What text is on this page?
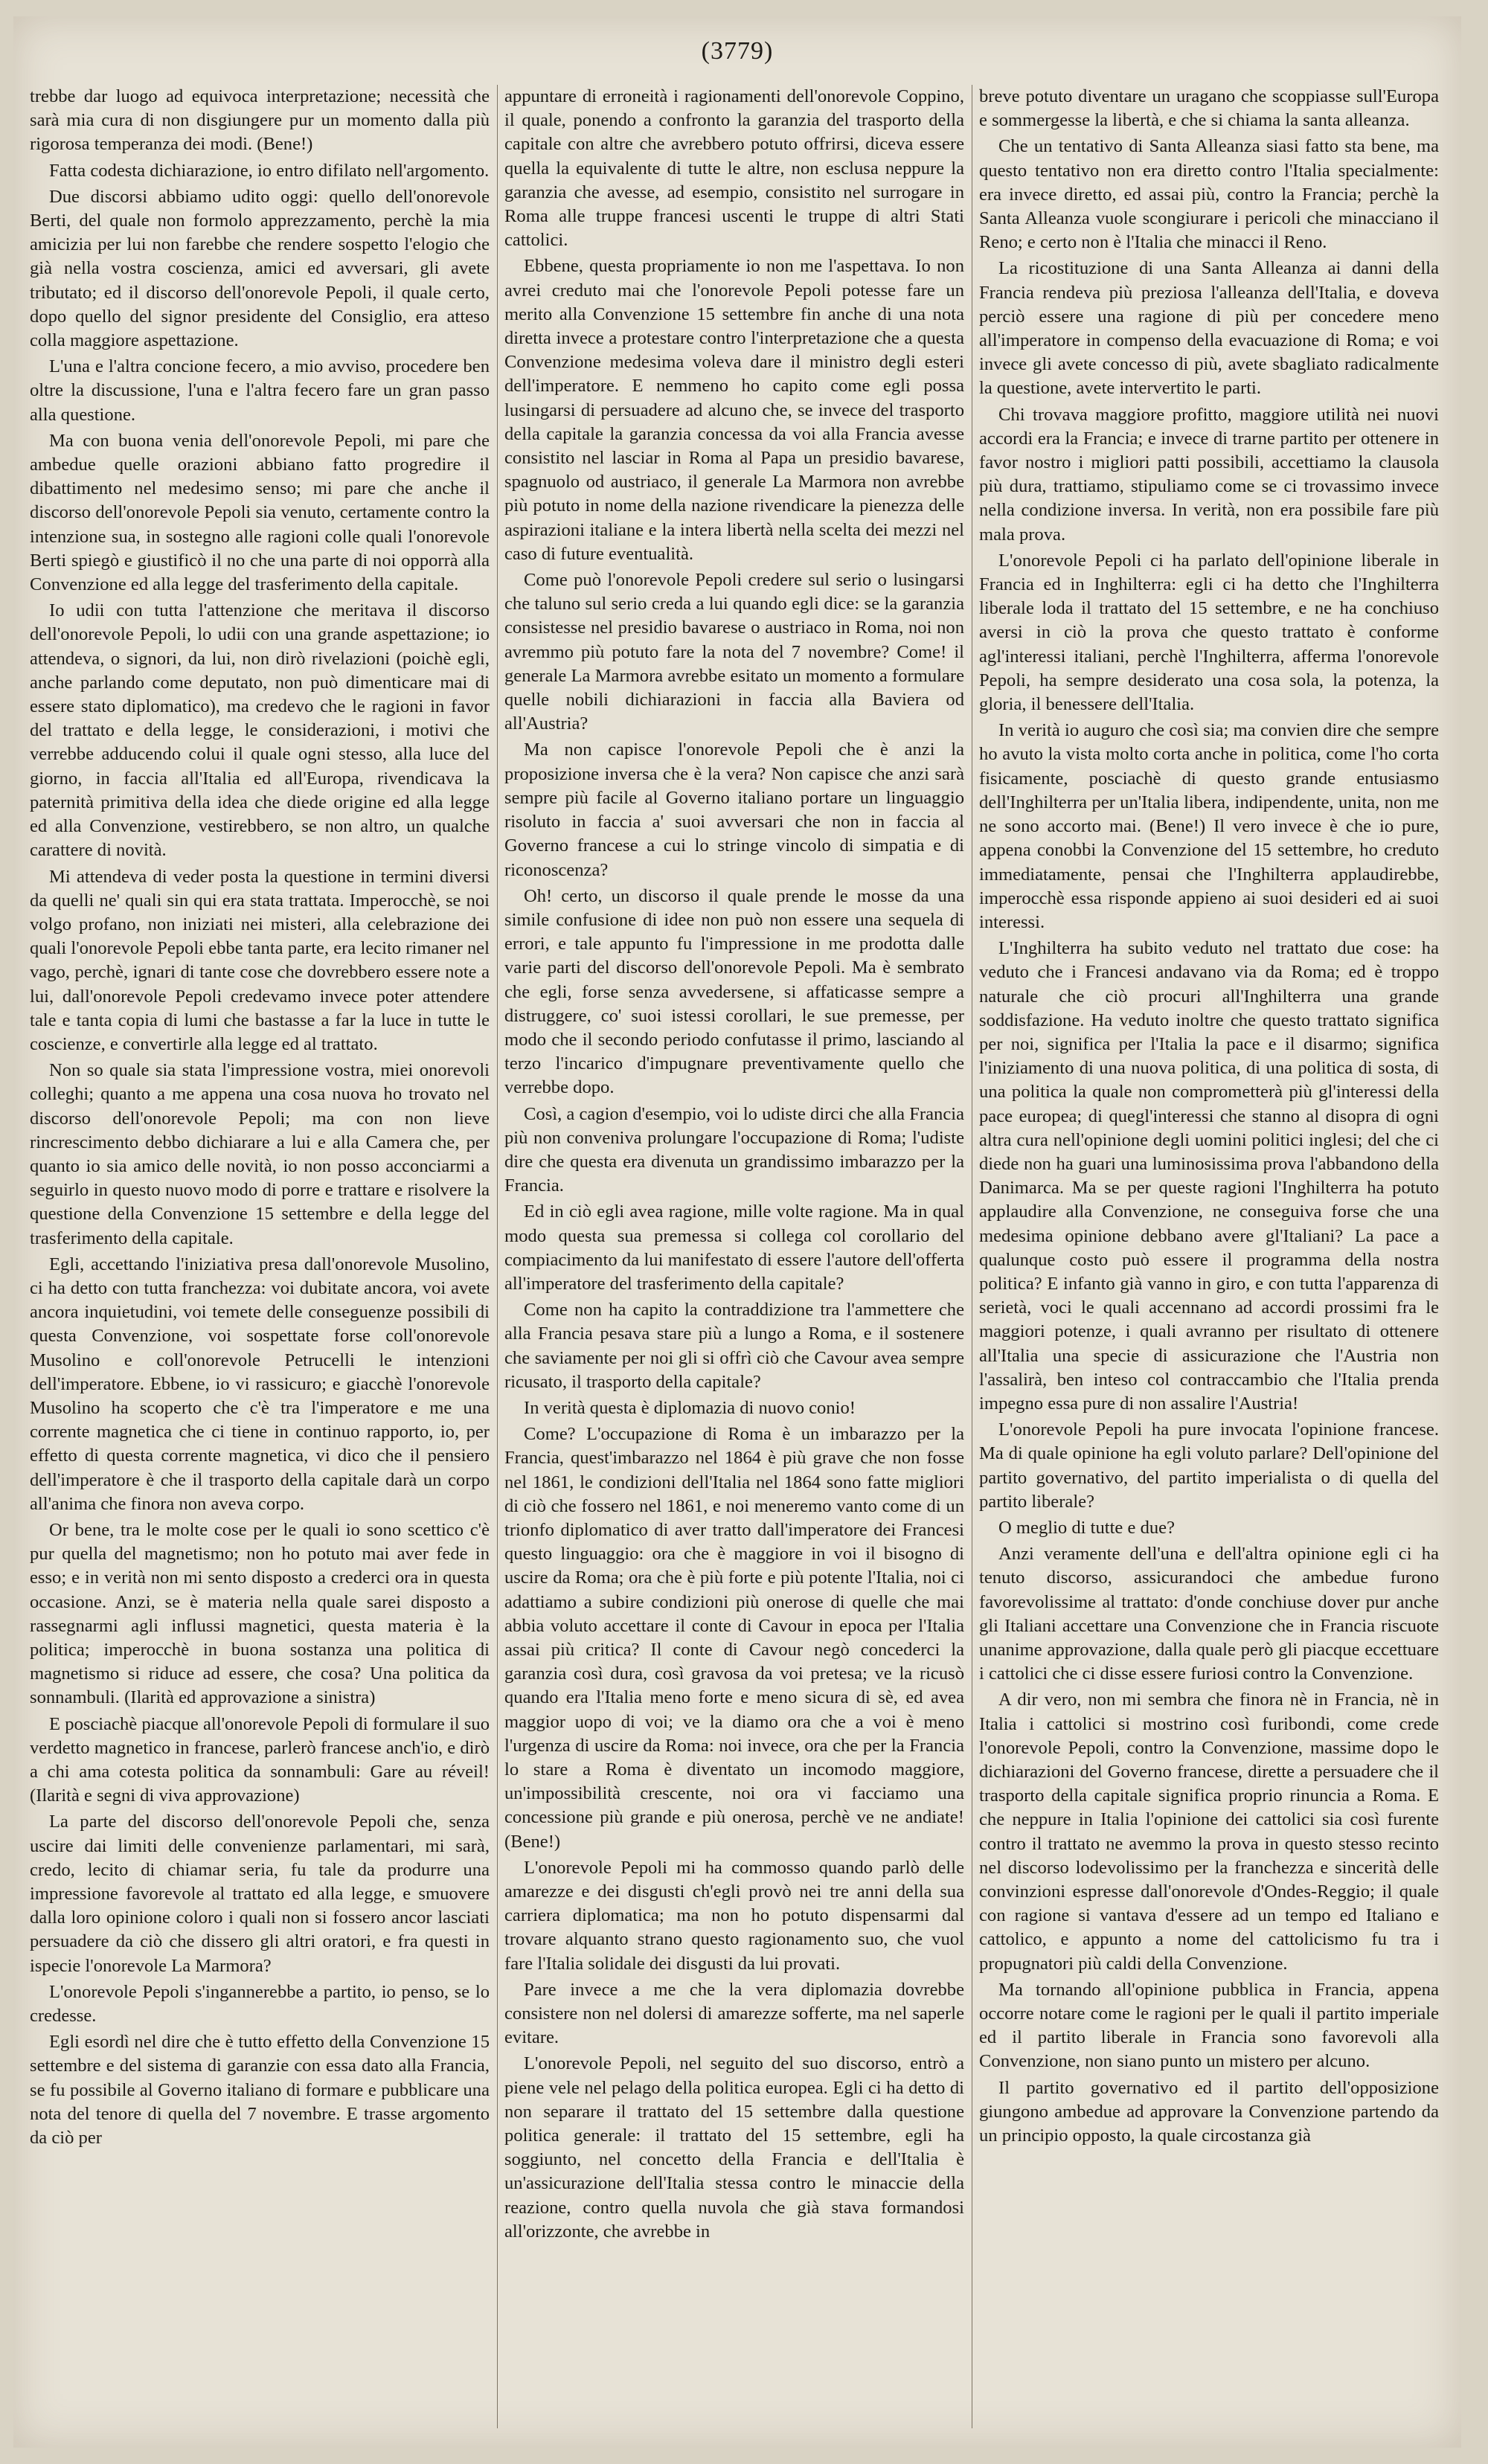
(3779)

trebbe dar luogo ad equivoca interpretazione; necessità che sarà mia cura di non disgiungere pur un momento dalla più rigorosa temperanza dei modi. (Bene!)

Fatta codesta dichiarazione, io entro difilato nell'argomento.

Due discorsi abbiamo udito oggi: quello dell'onorevole Berti, del quale non formolo apprezzamento, perchè la mia amicizia per lui non farebbe che rendere sospetto l'elogio che già nella vostra coscienza, amici ed avversari, gli avete tributato; ed il discorso dell'onorevole Pepoli, il quale certo, dopo quello del signor presidente del Consiglio, era atteso colla maggiore aspettazione.

L'una e l'altra concione fecero, a mio avviso, procedere ben oltre la discussione, l'una e l'altra fecero fare un gran passo alla questione.

Ma con buona venia dell'onorevole Pepoli, mi pare che ambedue quelle orazioni abbiano fatto progredire il dibattimento nel medesimo senso; mi pare che anche il discorso dell'onorevole Pepoli sia venuto, certamente contro la intenzione sua, in sostegno alle ragioni colle quali l'onorevole Berti spiegò e giustificò il no che una parte di noi opporrà alla Convenzione ed alla legge del trasferimento della capitale.

Io udii con tutta l'attenzione che meritava il discorso dell'onorevole Pepoli, lo udii con una grande aspettazione; io attendeva, o signori, da lui, non dirò rivelazioni (poichè egli, anche parlando come deputato, non può dimenticare mai di essere stato diplomatico), ma credevo che le ragioni in favor del trattato e della legge, le considerazioni, i motivi che verrebbe adducendo colui il quale ogni stesso, alla luce del giorno, in faccia all'Italia ed all'Europa, rivendicava la paternità primitiva della idea che diede origine ed alla legge ed alla Convenzione, vestirebbero, se non altro, un qualche carattere di novità.

Mi attendeva di veder posta la questione in termini diversi da quelli ne' quali sin qui era stata trattata. Imperocchè, se noi volgo profano, non iniziati nei misteri, alla celebrazione dei quali l'onorevole Pepoli ebbe tanta parte, era lecito rimaner nel vago, perchè, ignari di tante cose che dovrebbero essere note a lui, dall'onorevole Pepoli credevamo invece poter attendere tale e tanta copia di lumi che bastasse a far la luce in tutte le coscienze, e convertirle alla legge ed al trattato.

Non so quale sia stata l'impressione vostra, miei onorevoli colleghi; quanto a me appena una cosa nuova ho trovato nel discorso dell'onorevole Pepoli; ma con non lieve rincrescimento debbo dichiarare a lui e alla Camera che, per quanto io sia amico delle novità, io non posso acconciarmi a seguirlo in questo nuovo modo di porre e trattare e risolvere la questione della Convenzione 15 settembre e della legge del trasferimento della capitale.

Egli, accettando l'iniziativa presa dall'onorevole Musolino, ci ha detto con tutta franchezza: voi dubitate ancora, voi avete ancora inquietudini, voi temete delle conseguenze possibili di questa Convenzione, voi sospettate forse coll'onorevole Musolino e coll'onorevole Petrucelli le intenzioni dell'imperatore. Ebbene, io vi rassicuro; e giacchè l'onorevole Musolino ha scoperto che c'è tra l'imperatore e me una corrente magnetica che ci tiene in continuo rapporto, io, per effetto di questa corrente magnetica, vi dico che il pensiero dell'imperatore è che il trasporto della capitale darà un corpo all'anima che finora non aveva corpo.

Or bene, tra le molte cose per le quali io sono scettico c'è pur quella del magnetismo; non ho potuto mai aver fede in esso; e in verità non mi sento disposto a crederci ora in questa occasione. Anzi, se è materia nella quale sarei disposto a rassegnarmi agli influssi magnetici, questa materia è la politica; imperocchè in buona sostanza una politica di magnetismo si riduce ad essere, che cosa? Una politica da sonnambuli. (Ilarità ed approvazione a sinistra)

E posciachè piacque all'onorevole Pepoli di formulare il suo verdetto magnetico in francese, parlerò francese anch'io, e dirò a chi ama cotesta politica da sonnambuli: Gare au réveil! (Ilarità e segni di viva approvazione)

La parte del discorso dell'onorevole Pepoli che, senza uscire dai limiti delle convenienze parlamentari, mi sarà, credo, lecito di chiamar seria, fu tale da produrre una impressione favorevole al trattato ed alla legge, e smuovere dalla loro opinione coloro i quali non si fossero ancor lasciati persuadere da ciò che dissero gli altri oratori, e fra questi in ispecie l'onorevole La Marmora?

L'onorevole Pepoli s'ingannerebbe a partito, io penso, se lo credesse.

Egli esordì nel dire che è tutto effetto della Convenzione 15 settembre e del sistema di garanzie con essa dato alla Francia, se fu possibile al Governo italiano di formare e pubblicare una nota del tenore di quella del 7 novembre. E trasse argomento da ciò per

appuntare di erroneità i ragionamenti dell'onorevole Coppino, il quale, ponendo a confronto la garanzia del trasporto della capitale con altre che avrebbero potuto offrirsi, diceva essere quella la equivalente di tutte le altre, non esclusa neppure la garanzia che avesse, ad esempio, consistito nel surrogare in Roma alle truppe francesi uscenti le truppe di altri Stati cattolici.

Ebbene, questa propriamente io non me l'aspettava. Io non avrei creduto mai che l'onorevole Pepoli potesse fare un merito alla Convenzione 15 settembre fin anche di una nota diretta invece a protestare contro l'interpretazione che a questa Convenzione medesima voleva dare il ministro degli esteri dell'imperatore. E nemmeno ho capito come egli possa lusingarsi di persuadere ad alcuno che, se invece del trasporto della capitale la garanzia concessa da voi alla Francia avesse consistito nel lasciar in Roma al Papa un presidio bavarese, spagnuolo od austriaco, il generale La Marmora non avrebbe più potuto in nome della nazione rivendicare la pienezza delle aspirazioni italiane e la intera libertà nella scelta dei mezzi nel caso di future eventualità.

Come può l'onorevole Pepoli credere sul serio o lusingarsi che taluno sul serio creda a lui quando egli dice: se la garanzia consistesse nel presidio bavarese o austriaco in Roma, noi non avremmo più potuto fare la nota del 7 novembre? Come! il generale La Marmora avrebbe esitato un momento a formulare quelle nobili dichiarazioni in faccia alla Baviera od all'Austria?

Ma non capisce l'onorevole Pepoli che è anzi la proposizione inversa che è la vera? Non capisce che anzi sarà sempre più facile al Governo italiano portare un linguaggio risoluto in faccia a' suoi avversari che non in faccia al Governo francese a cui lo stringe vincolo di simpatia e di riconoscenza?

Oh! certo, un discorso il quale prende le mosse da una simile confusione di idee non può non essere una sequela di errori, e tale appunto fu l'impressione in me prodotta dalle varie parti del discorso dell'onorevole Pepoli. Ma è sembrato che egli, forse senza avvedersene, si affaticasse sempre a distruggere, co' suoi istessi corollari, le sue premesse, per modo che il secondo periodo confutasse il primo, lasciando al terzo l'incarico d'impugnare preventivamente quello che verrebbe dopo.

Così, a cagion d'esempio, voi lo udiste dirci che alla Francia più non conveniva prolungare l'occupazione di Roma; l'udiste dire che questa era divenuta un grandissimo imbarazzo per la Francia.

Ed in ciò egli avea ragione, mille volte ragione. Ma in qual modo questa sua premessa si collega col corollario del compiacimento da lui manifestato di essere l'autore dell'offerta all'imperatore del trasferimento della capitale?

Come non ha capito la contraddizione tra l'ammettere che alla Francia pesava stare più a lungo a Roma, e il sostenere che saviamente per noi gli si offrì ciò che Cavour avea sempre ricusato, il trasporto della capitale?

In verità questa è diplomazia di nuovo conio!

Come? L'occupazione di Roma è un imbarazzo per la Francia, quest'imbarazzo nel 1864 è più grave che non fosse nel 1861, le condizioni dell'Italia nel 1864 sono fatte migliori di ciò che fossero nel 1861, e noi meneremo vanto come di un trionfo diplomatico di aver tratto dall'imperatore dei Francesi questo linguaggio: ora che è maggiore in voi il bisogno di uscire da Roma; ora che è più forte e più potente l'Italia, noi ci adattiamo a subire condizioni più onerose di quelle che mai abbia voluto accettare il conte di Cavour in epoca per l'Italia assai più critica? Il conte di Cavour negò concederci la garanzia così dura, così gravosa da voi pretesa; ve la ricusò quando era l'Italia meno forte e meno sicura di sè, ed avea maggior uopo di voi; ve la diamo ora che a voi è meno l'urgenza di uscire da Roma: noi invece, ora che per la Francia lo stare a Roma è diventato un incomodo maggiore, un'impossibilità crescente, noi ora vi facciamo una concessione più grande e più onerosa, perchè ve ne andiate! (Bene!)

L'onorevole Pepoli mi ha commosso quando parlò delle amarezze e dei disgusti ch'egli provò nei tre anni della sua carriera diplomatica; ma non ho potuto dispensarmi dal trovare alquanto strano questo ragionamento suo, che vuol fare l'Italia solidale dei disgusti da lui provati.

Pare invece a me che la vera diplomazia dovrebbe consistere non nel dolersi di amarezze sofferte, ma nel saperle evitare.

L'onorevole Pepoli, nel seguito del suo discorso, entrò a piene vele nel pelago della politica europea. Egli ci ha detto di non separare il trattato del 15 settembre dalla questione politica generale: il trattato del 15 settembre, egli ha soggiunto, nel concetto della Francia e dell'Italia è un'assicurazione dell'Italia stessa contro le minaccie della reazione, contro quella nuvola che già stava formandosi all'orizzonte, che avrebbe in

breve potuto diventare un uragano che scoppiasse sull'Europa e sommergesse la libertà, e che si chiama la santa alleanza.

Che un tentativo di Santa Alleanza siasi fatto sta bene, ma questo tentativo non era diretto contro l'Italia specialmente: era invece diretto, ed assai più, contro la Francia; perchè la Santa Alleanza vuole scongiurare i pericoli che minacciano il Reno; e certo non è l'Italia che minacci il Reno.

La ricostituzione di una Santa Alleanza ai danni della Francia rendeva più preziosa l'alleanza dell'Italia, e doveva perciò essere una ragione di più per concedere meno all'imperatore in compenso della evacuazione di Roma; e voi invece gli avete concesso di più, avete sbagliato radicalmente la questione, avete intervertito le parti.

Chi trovava maggiore profitto, maggiore utilità nei nuovi accordi era la Francia; e invece di trarne partito per ottenere in favor nostro i migliori patti possibili, accettiamo la clausola più dura, trattiamo, stipuliamo come se ci trovassimo invece nella condizione inversa. In verità, non era possibile fare più mala prova.

L'onorevole Pepoli ci ha parlato dell'opinione liberale in Francia ed in Inghilterra: egli ci ha detto che l'Inghilterra liberale loda il trattato del 15 settembre, e ne ha conchiuso aversi in ciò la prova che questo trattato è conforme agl'interessi italiani, perchè l'Inghilterra, afferma l'onorevole Pepoli, ha sempre desiderato una cosa sola, la potenza, la gloria, il benessere dell'Italia.

In verità io auguro che così sia; ma convien dire che sempre ho avuto la vista molto corta anche in politica, come l'ho corta fisicamente, posciachè di questo grande entusiasmo dell'Inghilterra per un'Italia libera, indipendente, unita, non me ne sono accorto mai. (Bene!) Il vero invece è che io pure, appena conobbi la Convenzione del 15 settembre, ho creduto immediatamente, pensai che l'Inghilterra applaudirebbe, imperocchè essa risponde appieno ai suoi desideri ed ai suoi interessi.

L'Inghilterra ha subito veduto nel trattato due cose: ha veduto che i Francesi andavano via da Roma; ed è troppo naturale che ciò procuri all'Inghilterra una grande soddisfazione. Ha veduto inoltre che questo trattato significa per noi, significa per l'Italia la pace e il disarmo; significa l'iniziamento di una nuova politica, di una politica di sosta, di una politica la quale non comprometterà più gl'interessi della pace europea; di quegl'interessi che stanno al disopra di ogni altra cura nell'opinione degli uomini politici inglesi; del che ci diede non ha guari una luminosissima prova l'abbandono della Danimarca. Ma se per queste ragioni l'Inghilterra ha potuto applaudire alla Convenzione, ne conseguiva forse che una medesima opinione debbano avere gl'Italiani? La pace a qualunque costo può essere il programma della nostra politica? E infanto già vanno in giro, e con tutta l'apparenza di serietà, voci le quali accennano ad accordi prossimi fra le maggiori potenze, i quali avranno per risultato di ottenere all'Italia una specie di assicurazione che l'Austria non l'assalirà, ben inteso col contraccambio che l'Italia prenda impegno essa pure di non assalire l'Austria!

L'onorevole Pepoli ha pure invocata l'opinione francese. Ma di quale opinione ha egli voluto parlare? Dell'opinione del partito governativo, del partito imperialista o di quella del partito liberale?

O meglio di tutte e due?

Anzi veramente dell'una e dell'altra opinione egli ci ha tenuto discorso, assicurandoci che ambedue furono favorevolissime al trattato: d'onde conchiuse dover pur anche gli Italiani accettare una Convenzione che in Francia riscuote unanime approvazione, dalla quale però gli piacque eccettuare i cattolici che ci disse essere furiosi contro la Convenzione.

A dir vero, non mi sembra che finora nè in Francia, nè in Italia i cattolici si mostrino così furibondi, come crede l'onorevole Pepoli, contro la Convenzione, massime dopo le dichiarazioni del Governo francese, dirette a persuadere che il trasporto della capitale significa proprio rinuncia a Roma. E che neppure in Italia l'opinione dei cattolici sia così furente contro il trattato ne avemmo la prova in questo stesso recinto nel discorso lodevolissimo per la franchezza e sincerità delle convinzioni espresse dall'onorevole d'Ondes-Reggio; il quale con ragione si vantava d'essere ad un tempo ed Italiano e cattolico, e appunto a nome del cattolicismo fu tra i propugnatori più caldi della Convenzione.

Ma tornando all'opinione pubblica in Francia, appena occorre notare come le ragioni per le quali il partito imperiale ed il partito liberale in Francia sono favorevoli alla Convenzione, non siano punto un mistero per alcuno.

Il partito governativo ed il partito dell'opposizione giungono ambedue ad approvare la Convenzione partendo da un principio opposto, la quale circostanza già
